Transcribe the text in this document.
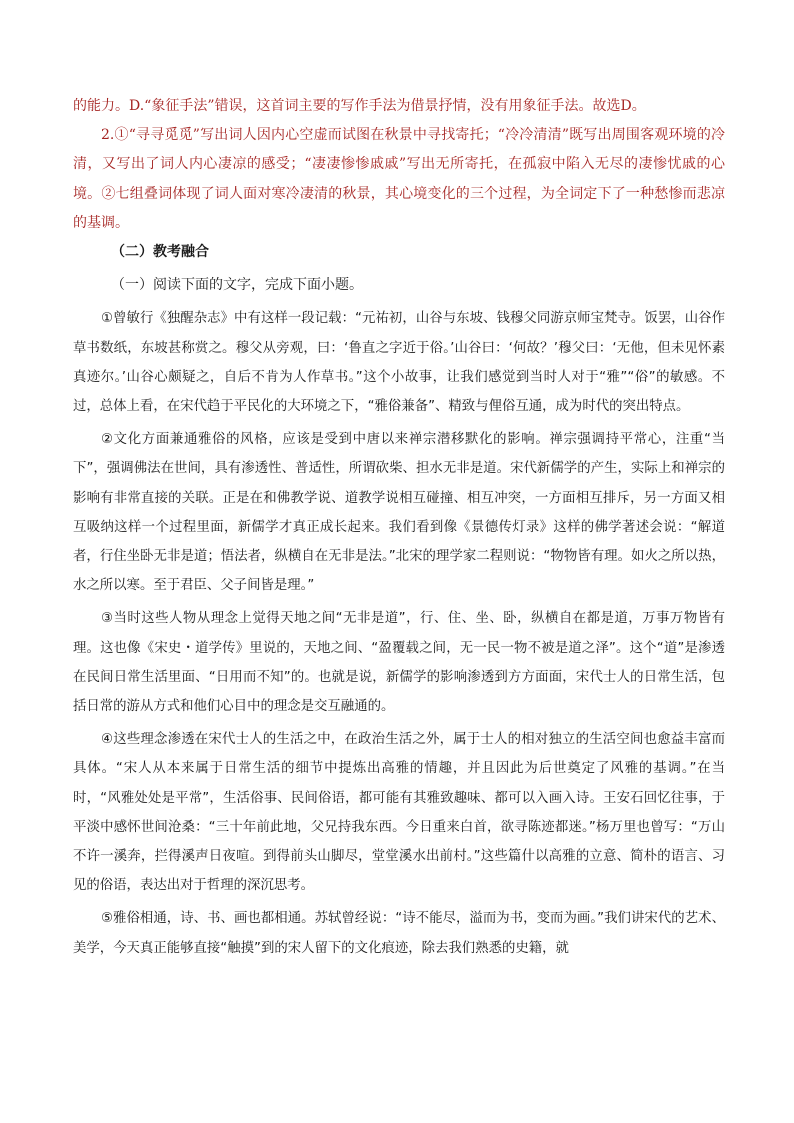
的能力。D.“象征手法”错误，这首词主要的写作手法为借景抒情，没有用象征手法。故选D。

2.①“寻寻觅觅”写出词人因内心空虚而试图在秋景中寻找寄托；“冷冷清清”既写出周围客观环境的冷清，又写出了词人内心凄凉的感受；“凄凄惨惨戚戚”写出无所寄托，在孤寂中陷入无尽的凄惨忧戚的心境。②七组叠词体现了词人面对寒冷凄清的秋景，其心境变化的三个过程，为全词定下了一种愁惨而悲凉的基调。

（二）教考融合

（一）阅读下面的文字，完成下面小题。

①曾敏行《独醒杂志》中有这样一段记载：“元祐初，山谷与东坡、钱穆父同游京师宝梵寺。饭罢，山谷作草书数纸，东坡甚称赏之。穆父从旁观，曰：‘鲁直之字近于俗。’山谷曰：‘何故？’穆父曰：‘无他，但未见怀素真迹尔。’山谷心颇疑之，自后不肯为人作草书。”这个小故事，让我们感觉到当时人对于“雅”“俗”的敏感。不过，总体上看，在宋代趋于平民化的大环境之下，“雅俗兼备”、精致与俚俗互通，成为时代的突出特点。

②文化方面兼通雅俗的风格，应该是受到中唐以来禅宗潜移默化的影响。禅宗强调持平常心，注重“当下”，强调佛法在世间，具有渗透性、普适性，所谓砍柴、担水无非是道。宋代新儒学的产生，实际上和禅宗的影响有非常直接的关联。正是在和佛教学说、道教学说相互碰撞、相互冲突，一方面相互排斥，另一方面又相互吸纳这样一个过程里面，新儒学才真正成长起来。我们看到像《景德传灯录》这样的佛学著述会说：“解道者，行住坐卧无非是道；悟法者，纵横自在无非是法。”北宋的理学家二程则说：“物物皆有理。如火之所以热，水之所以寒。至于君臣、父子间皆是理。”

③当时这些人物从理念上觉得天地之间“无非是道”，行、住、坐、卧，纵横自在都是道，万事万物皆有理。这也像《宋史・道学传》里说的，天地之间、“盈覆载之间，无一民一物不被是道之泽”。这个“道”是渗透在民间日常生活里面、“日用而不知”的。也就是说，新儒学的影响渗透到方方面面，宋代士人的日常生活，包括日常的游从方式和他们心目中的理念是交互融通的。

④这些理念渗透在宋代士人的生活之中，在政治生活之外，属于士人的相对独立的生活空间也愈益丰富而具体。“宋人从本来属于日常生活的细节中提炼出高雅的情趣，并且因此为后世奠定了风雅的基调。”在当时，“风雅处处是平常”，生活俗事、民间俗语，都可能有其雅致趣味、都可以入画入诗。王安石回忆往事，于平淡中感怀世间沧桑：“三十年前此地，父兄持我东西。今日重来白首，欲寻陈迹都迷。”杨万里也曾写：“万山不许一溪奔，拦得溪声日夜喧。到得前头山脚尽，堂堂溪水出前村。”这些篇什以高雅的立意、简朴的语言、习见的俗语，表达出对于哲理的深沉思考。

⑤雅俗相通，诗、书、画也都相通。苏轼曾经说：“诗不能尽，溢而为书，变而为画。”我们讲宋代的艺术、美学，今天真正能够直接“触摸”到的宋人留下的文化痕迹，除去我们熟悉的史籍，就
